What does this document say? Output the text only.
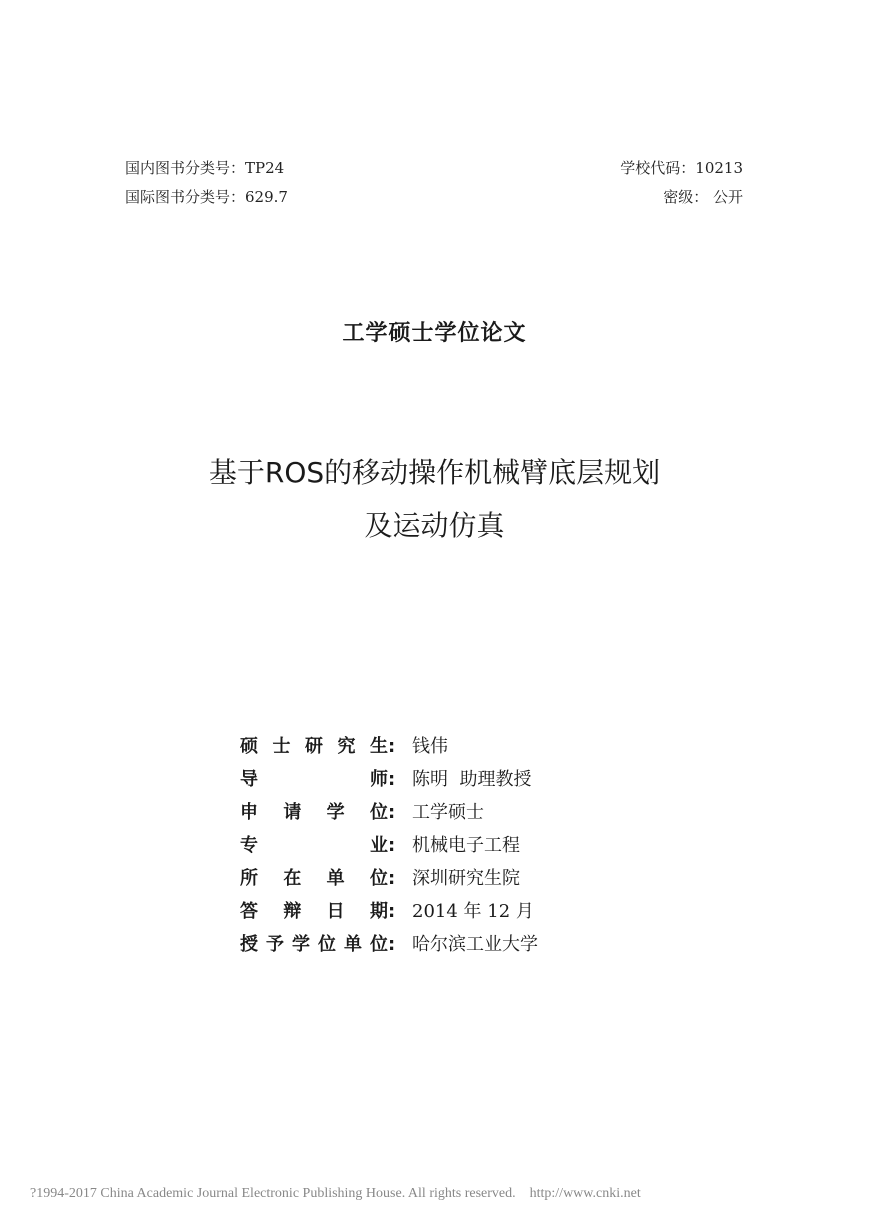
国内图书分类号：TP24
国际图书分类号：629.7
学校代码：10213
密级： 公开
工学硕士学位论文
基于ROS的移动操作机械臂底层规划
及运动仿真
硕 士 研 究 生 : 钱伟
导	师 : 陈明  助理教授
申 请 学 位 : 工学硕士
专	业 : 机械电子工程
所 在 单 位 : 深圳研究生院
答 辩 日 期 : 2014 年 12 月
授 予 学 位 单 位 : 哈尔滨工业大学
?1994-2017 China Academic Journal Electronic Publishing House. All rights reserved.    http://www.cnki.net
